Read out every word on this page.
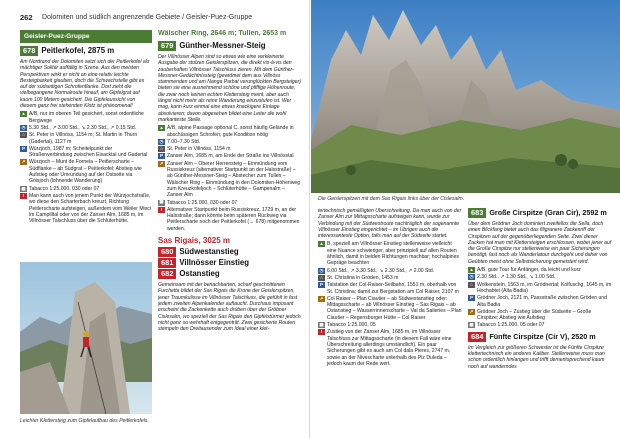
262 Dolomiten und südlich angrenzende Gebiete / Geisler-Puez-Gruppe
Geisler-Puez-Gruppe
678 Peitlerkofel, 2875 m

Am Nordrand der Dolomiten setzt sich der Peitlerkofel als mächtiger Solitär auffällig in Szene. Aus den meisten Perspektiven wirkt er nicht an eine relativ leichte Besteigbarkeit glauben, doch die Schwachstelle gibt es auf der südseitigen Schrofenflanke. Dort zieht die vielbegangene Normalroute hinauf, am Gipfelgrat auf kaum 100 Metern gesichert. Die Gipfelaussicht von diesem ganz frei stehenden Klotz ist phänomenal!

▲ A/B, nur im oberen Teil gesichert, sonst ordentliche Bergwege
◷ 5.30 Std., ↗ 3.00 Std., ↘ 2.30 Std., ↗ 0.15 Std.
⌂ St. Peter in Villnöss, 1154 m; St. Martin in Thurn (Gadertal), 1127 m
P Würzjoch, 1987 m; Scheitelpunkt der Straßenverbindung zwischen Eisacktal und Gadertal
↗ Würzjoch – Munt de Fornela – Peitlerscharte – Südflanke – ab Südgrat – Peitlerkofel; Abstieg wie Aufstieg oder Umrundung auf der Ostseite via Göisjoch (lohnende Wanderung)
▦ Tabacco 1:25.000, 030 oder 07
! Man kann auch von jenem Punkt der Würzjochstraße, wo diese den Scharterbach kreuzt, Richtung Peitlerscharte aufsteigen, außerdem vom Weiler Misci im Campilltal oder von der Zanser Alm, 1685 m, im Villnösser Talschluss über die Schlüterhütte.
Leichter Klettersteig zum Gipfelaufbau des Peitlerkofels.
Wälscher Ring, 2646 m; Tullen, 2653 m
679 Günther-Messner-Steig

Der Villnösser Alpen sind so etwas wie eine verkleinerte Ausgabe der stolzen Geislerspitzen, die direkt vis-à-vis den zauberhaften Villnösser Talschluss zieren. Mit dem Günther-Messner-Gedächtnissteig (gewidmet dem aus Villnöss stammenden und am Nanga Parbat verunglückten Bergsteiger) bieten sie eine ausnehmend schöne und pfiffige Höhenroute, die zwar noch keinen echten Klettersteig meint, aber auch längst nicht mehr als reine Wanderung einzustufen ist. Wer mag, kann kurz einmal eine etwas knackigere Einlage absolvieren; davon abgesehen bildet eine Leiter die wohl markanteste Stelle.

▲ A/B, alpine Passage optional C, sonst häufig Gelände in abschüssigen Schrofen; gute Kondition nötig
◷ 7.00–7.30 Std.
⌂ St. Peter in Villnöss, 1154 m
P Zanser Alm, 1685 m, am Ende der Straße ins Villnösstal
↗ Zanser Alm – Oberer Herrensteig – Einmündung vom Russiskreuz (alternativer Startpunkt an der Halsstraße) – ab Günther-Messner-Steig – Abstecher zum Tullen – Wälscher Ring – Einmündung in den Dolomiten-Höhenweg zum Kreuzkofeljoch – Schlüterhütte – Gampenalm – Zanser Alm
▦ Tabacco 1:25.000, 030 oder 07
! Alternativer Startpunkt beim Russiskreuz, 1729 m, an der Halsstraße; dann könnte beim späteren Rückweg via Peitlerscharte noch der Peitlerkofel (→ 678) mitgenommen werden.
Sas Rigais, 3025 m
680 Südwestanstieg
681 Villnösser Einstieg
682 Ostanstieg

Gemeinsam mit der benachbarten, scharf geschnittenen Furchetta bildet der Sas Rigais die Krone der Geislerspitzen, jener Traumkulisse im Villnösser Talschluss, die gefühlt in fast jedem zweiten Alpenkalender auftaucht. Durchaus imposant erscheint die Zackenkette auch drüben über der Gröbner Cislesalm, wo speziell der Sas Rigais den Gipfelstürmer jedoch nicht ganz so wehrhaft entgegentritt. Zwei gesicherte Routen stempeln den Dreitausender zum Ideal einer klet-

Die Geislerspitzen mit dem Sas Rigais links über der Cislesalm.

tertechnisch gemäßigten Überschreitung. Da man auch von der Zanser Alm zur Mittagsscharte aufsteigen kann, wurde zur Verbindung mit der Südwestroute nachträglich der sogenannte Villnösser Einstieg eingerichtet – im Übrigen auch die interessanteste Option, falls man auf der Südseite startet.

▲ B, speziell am Villnösser Einstieg stellenweise vielleicht eine Nuance schwieriger, aber prinzipiell auf allen Routen ähnlich, damit in beiden Richtungen machbar; hochalpines Gepräge beachten
◷ 6.00 Std., ↗ 3.30 Std., ↘ 2.30 Std., ↗ 2.00 Std.
⌂ St. Christina in Gröden, 1453 m
P Talstation der Col-Raiser-Seilbahn, 1551 m, oberhalb von St. Christina; damit zur Bergstation am Col Raiser, 2107 m
↗ Col Raiser – Plan Ciautier – ab Südwestanstieg oder: Mittagsscharte – ab Villnösser Einstieg – Sas Rigais – ab Ostanstieg – Wasserrinnenscharte – Val da Salieries – Plan Ciautier – Regensburger Hütte – Col Raiser
▦ Tabacco 1:25.000, 05
! Zustieg von der Zanser Alm, 1685 m, im Villnösser Talschluss zur Mittagsscharte (in diesem Fall wäre eine Überschreitung allerdings umständlich). Ein paar Sicherungen gibt es auch am Col dala Pieres, 2747 m, sowie an der Nivescharte unterhalb des Piz Duleda – jedoch kaum der Rede wert.
683 Große Cirspitze (Gran Cir), 2592 m

Über dem Grödner Joch dominiert zweifellos die Sella, doch einen Blickfang bietet auch das filigranere Zackenriff der Cirspitzen auf der gegenüberliegenden Seite. Zwei dieser Zacken hat man mit Klettersteigen erschlossen, wobei jener auf die Große Cirspitze nur stellenweise ein paar Sicherungen benötigt, fast noch als Wanderlatour durchgeht und daher von Geübten meist ohne Selbstsicherung gemeistert wird.

▲ A/B, gute Tour für Anfänger, da leicht und kurz
◷ 2.30 Std., ↗ 1.30 Std., ↘ 1.00 Std.
⌂ Wolkenstein, 1563 m, im Grödnertal; Kolfuschg, 1645 m, im Hochabtei (Alta Badia)
P Grödner Joch, 2121 m, Passstraße zwischen Gröden und Alta Badia
↗ Grödner Joch – Zustieg über die Südseite – Große Cirspitze; Abstieg wie Aufstieg
▦ Tabacco 1:25.000, 05 oder 07
684 Fünfte Cirspitze (Cir V), 2520 m

Im Vergleich zur größeren Schwester ist die Fünfte Cirspitze klettertechnisch ein anderes Kaliber. Stellenweise muss man schon ordentlich hinlangen und trifft dementsprechend kaum noch auf wanderndes
